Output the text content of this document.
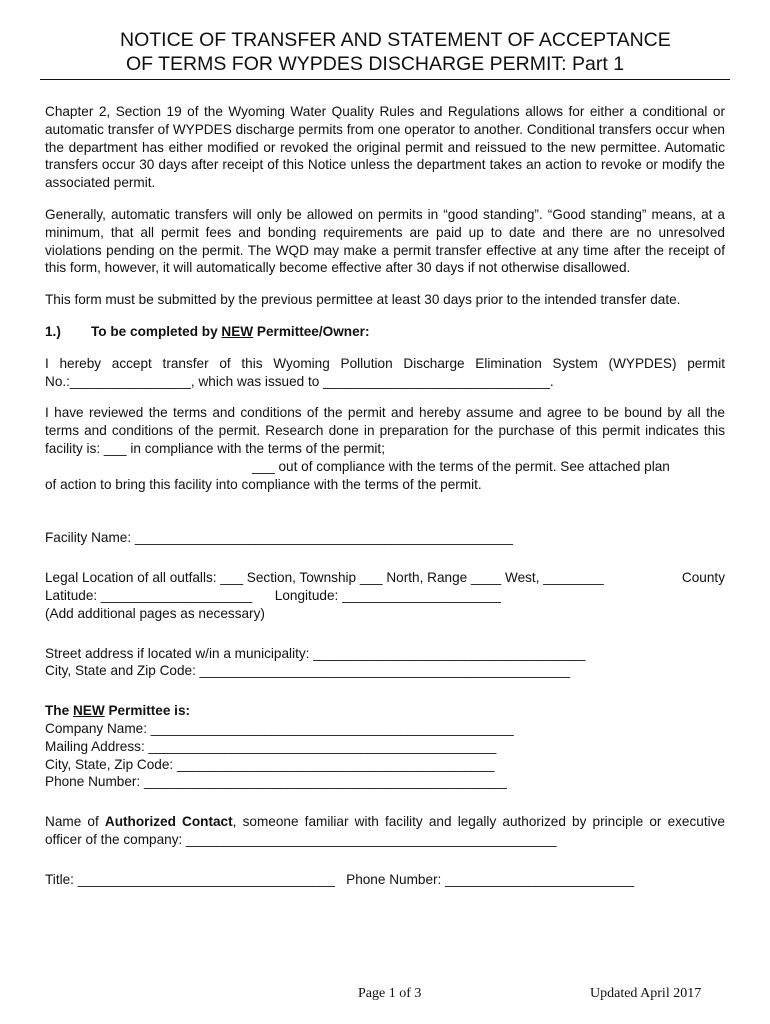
NOTICE OF TRANSFER AND STATEMENT OF ACCEPTANCE
OF TERMS FOR WYPDES DISCHARGE PERMIT: Part 1

Chapter 2, Section 19 of the Wyoming Water Quality Rules and Regulations allows for either a conditional or automatic transfer of WYPDES discharge permits from one operator to another. Conditional transfers occur when the department has either modified or revoked the original permit and reissued to the new permittee. Automatic transfers occur 30 days after receipt of this Notice unless the department takes an action to revoke or modify the associated permit.

Generally, automatic transfers will only be allowed on permits in “good standing”. “Good standing” means, at a minimum, that all permit fees and bonding requirements are paid up to date and there are no unresolved violations pending on the permit. The WQD may make a permit transfer effective at any time after the receipt of this form, however, it will automatically become effective after 30 days if not otherwise disallowed.

This form must be submitted by the previous permittee at least 30 days prior to the intended transfer date.

1.)	To be completed by NEW Permittee/Owner:

I hereby accept transfer of this Wyoming Pollution Discharge Elimination System (WYPDES) permit No.:________________, which was issued to ______________________________.

I have reviewed the terms and conditions of the permit and hereby assume and agree to be bound by all the terms and conditions of the permit. Research done in preparation for the purchase of this permit indicates this facility is: ___ in compliance with the terms of the permit;
___ out of compliance with the terms of the permit. See attached plan
of action to bring this facility into compliance with the terms of the permit.
Facility Name: __________________________________________________
Legal Location of all outfalls: ___ Section, Township ___ North, Range ____ West, ________	County
Latitude: ____________________      Longitude: _____________________
(Add additional pages as necessary)
Street address if located w/in a municipality: ____________________________________
City, State and Zip Code: _________________________________________________
The NEW Permittee is:
Company Name: ________________________________________________
Mailing Address: ______________________________________________
City, State, Zip Code: __________________________________________
Phone Number: ________________________________________________
Name of Authorized Contact, someone familiar with facility and legally authorized by principle or executive officer of the company: _________________________________________________
Title: __________________________________ Phone Number: _________________________
Page 1 of 3	Updated April 2017
